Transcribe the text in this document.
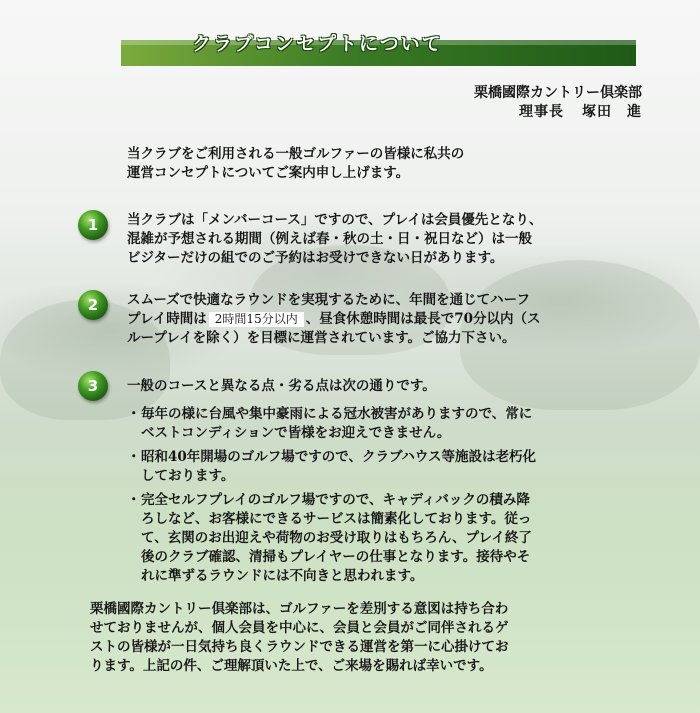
クラブコンセプトについて
栗橋國際カントリー倶楽部
理事長 塚田　進
当クラブをご利用される一般ゴルファーの皆様に私共の
運営コンセプトについてご案内申し上げます。
1	当クラブは「メンバーコース」ですので、プレイは会員優先となり、
混雑が予想される期間（例えば春・秋の土・日・祝日など）は一般
ビジターだけの組でのご予約はお受けできない日があります。
2	スムーズで快適なラウンドを実現するために、年間を通じてハーフ
プレイ時間は 2時間15分以内 、昼食休憩時間は最長で70分以内（ス
ループレイを除く）を目標に運営されています。ご協力下さい。
3	一般のコースと異なる点・劣る点は次の通りです。
・毎年の様に台風や集中豪雨による冠水被害がありますので、常に
ベストコンディションで皆様をお迎えできません。
・昭和40年開場のゴルフ場ですので、クラブハウス等施設は老朽化
しております。
・完全セルフプレイのゴルフ場ですので、キャディバックの積み降
ろしなど、お客様にできるサービスは簡素化しております。従っ
て、玄関のお出迎えや荷物のお受け取りはもちろん、プレイ終了
後のクラブ確認、清掃もプレイヤーの仕事となります。接待やそ
れに準ずるラウンドには不向きと思われます。
栗橋國際カントリー倶楽部は、ゴルファーを差別する意図は持ち合わ
せておりませんが、個人会員を中心に、会員と会員がご同伴されるゲ
ストの皆様が一日気持ち良くラウンドできる運営を第一に心掛けてお
ります。上記の件、ご理解頂いた上で、ご来場を賜れば幸いです。
